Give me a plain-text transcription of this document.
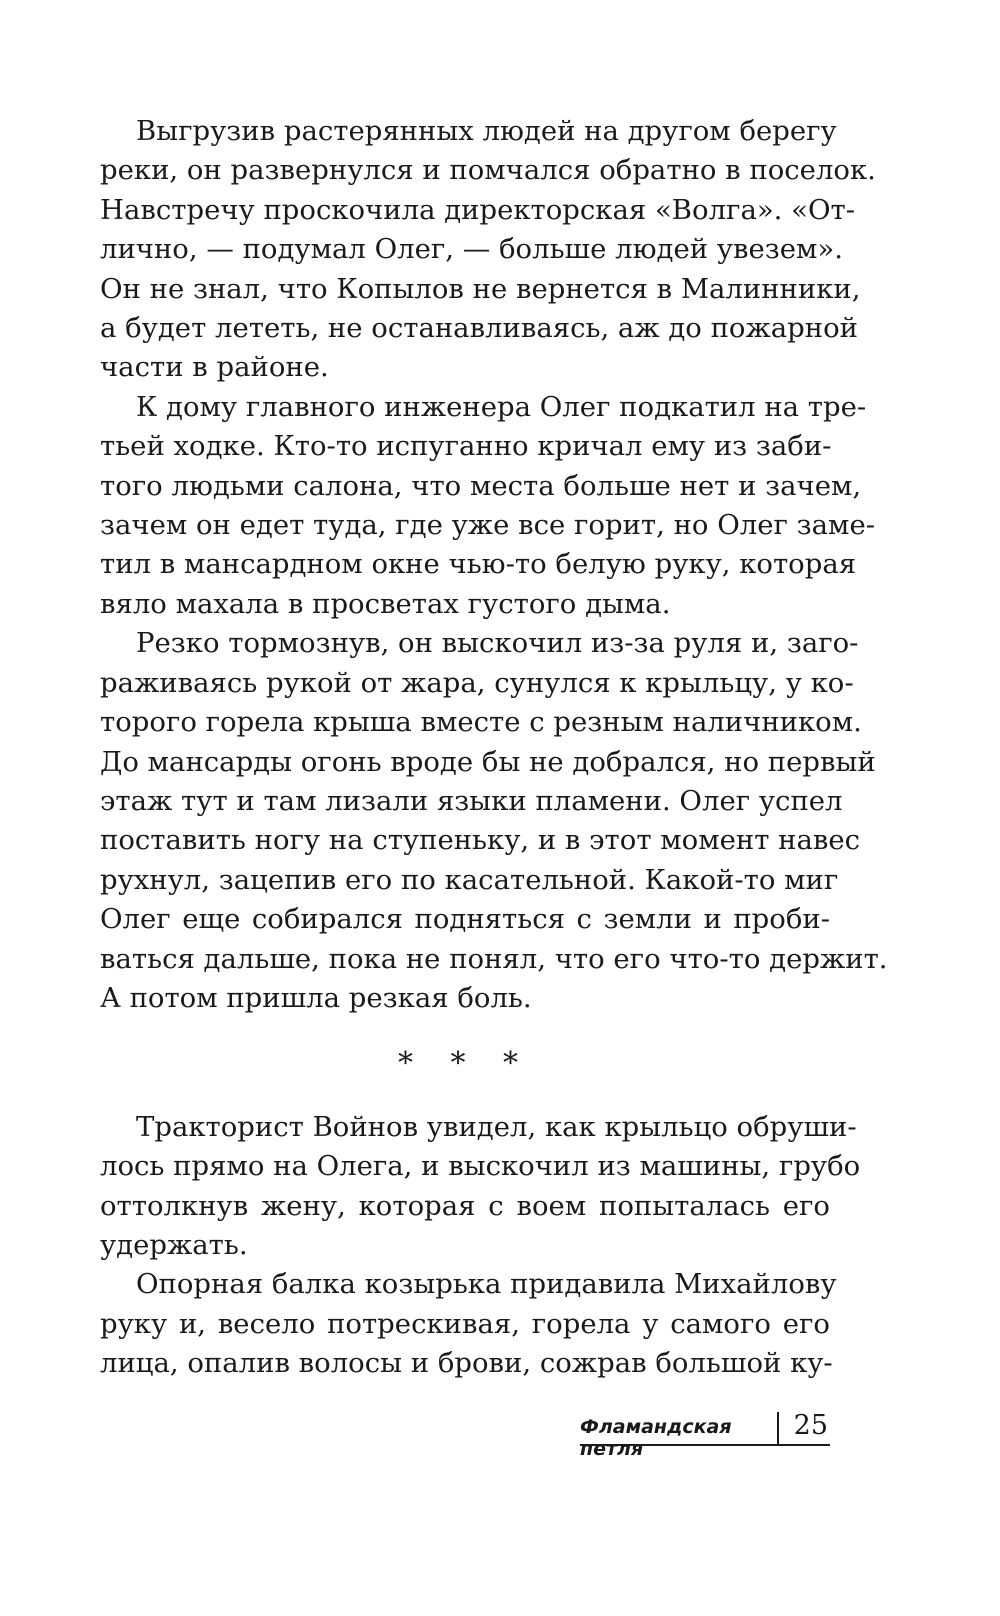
Выгрузив растерянных людей на другом берегу
реки, он развернулся и помчался обратно в поселок.
Навстречу проскочила директорская «Волга». «От-
лично, — подумал Олег, — больше людей увезем».
Он не знал, что Копылов не вернется в Малинники,
а будет лететь, не останавливаясь, аж до пожарной
части в районе.
К дому главного инженера Олег подкатил на тре-
тьей ходке. Кто-то испуганно кричал ему из заби-
того людьми салона, что места больше нет и зачем,
зачем он едет туда, где уже все горит, но Олег заме-
тил в мансардном окне чью-то белую руку, которая
вяло махала в просветах густого дыма.
Резко тормознув, он выскочил из-за руля и, заго-
раживаясь рукой от жара, сунулся к крыльцу, у ко-
торого горела крыша вместе с резным наличником.
До мансарды огонь вроде бы не добрался, но первый
этаж тут и там лизали языки пламени. Олег успел
поставить ногу на ступеньку, и в этот момент навес
рухнул, зацепив его по касательной. Какой-то миг
Олег еще собирался подняться с земли и проби-
ваться дальше, пока не понял, что его что-то держит.
А потом пришла резкая боль.
* * *
Тракторист Войнов увидел, как крыльцо обруши-
лось прямо на Олега, и выскочил из машины, грубо
оттолкнув жену, которая с воем попыталась его
удержать.
Опорная балка козырька придавила Михайлову
руку и, весело потрескивая, горела у самого его
лица, опалив волосы и брови, сожрав большой ку-
Фламандская петля
25
